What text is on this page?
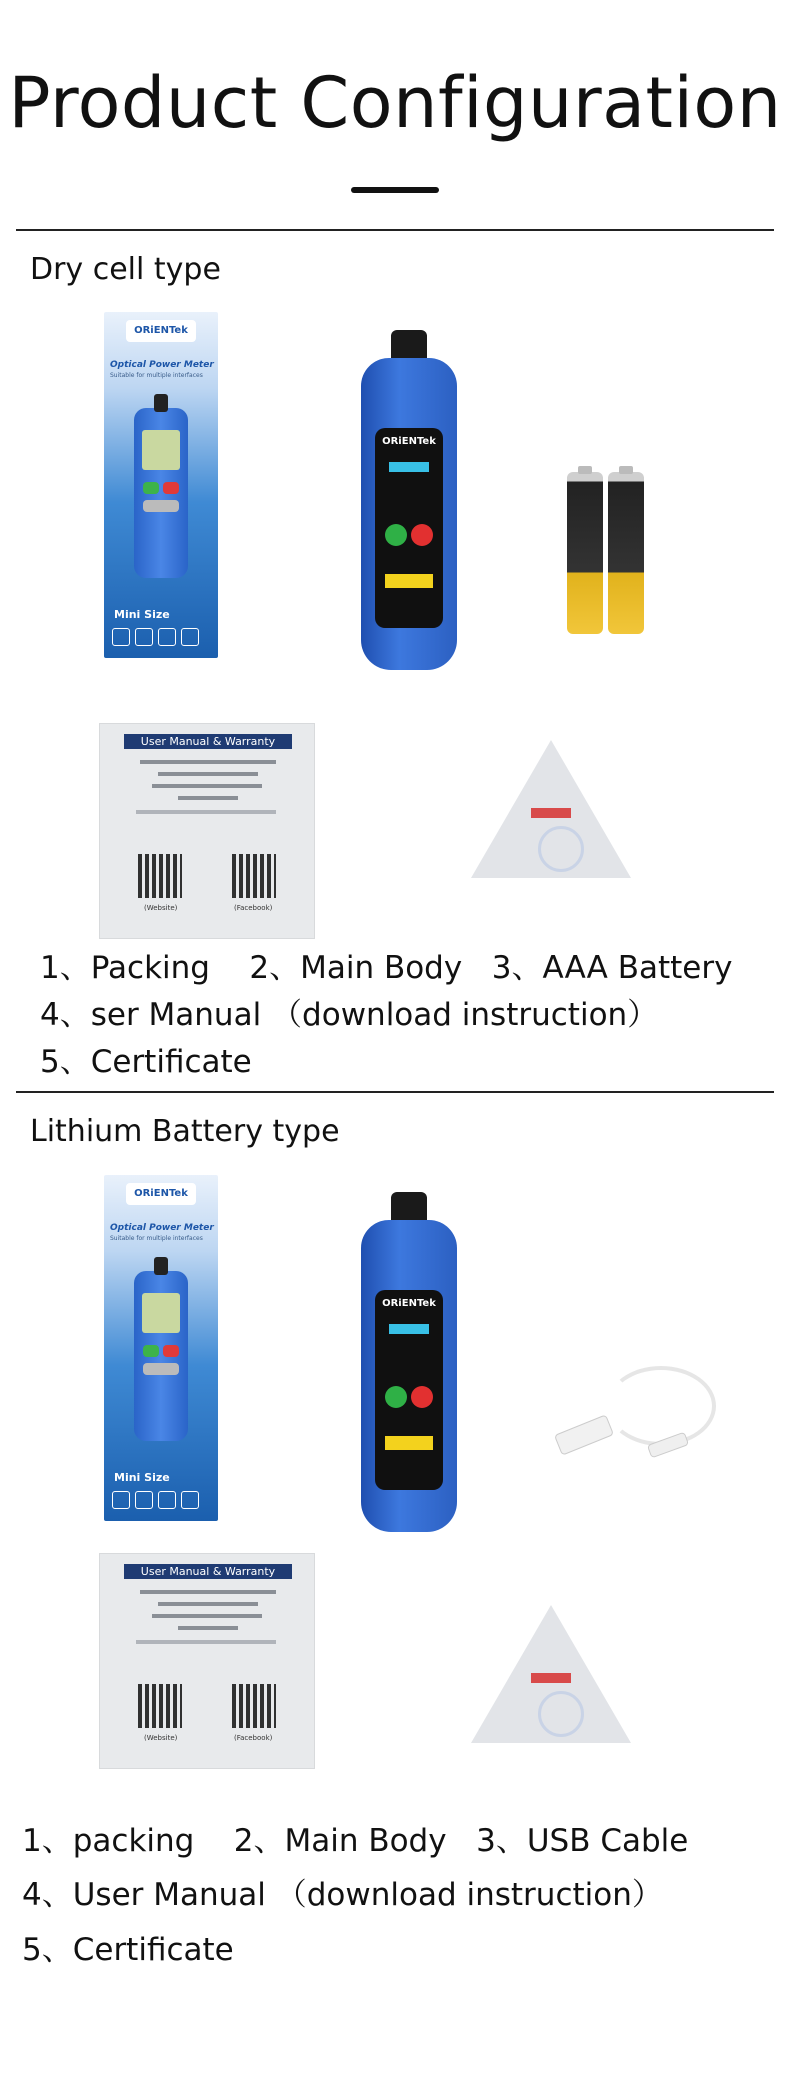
Product Configuration
Dry cell type
ORiENTek
Optical Power Meter
Suitable for multiple interfaces
Mini Size
ORiENTek
User Manual & Warranty
(Website)	(Facebook)
1、Packing    2、Main Body   3、AAA Battery
4、ser Manual （download instruction）
5、Certificate
Lithium Battery type
ORiENTek
Optical Power Meter
Suitable for multiple interfaces
Mini Size
ORiENTek
User Manual & Warranty
(Website)	(Facebook)
1、packing    2、Main Body   3、USB Cable
4、User Manual （download instruction）
5、Certificate
